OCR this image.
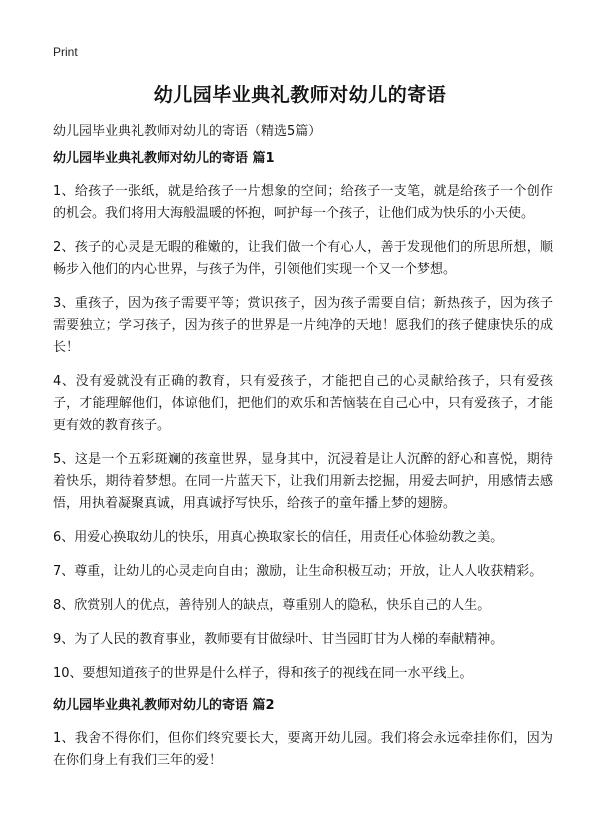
Print
幼儿园毕业典礼教师对幼儿的寄语

幼儿园毕业典礼教师对幼儿的寄语（精选5篇）

幼儿园毕业典礼教师对幼儿的寄语 篇1

1、给孩子一张纸，就是给孩子一片想象的空间；给孩子一支笔，就是给孩子一个创作的机会。我们将用大海般温暖的怀抱，呵护每一个孩子，让他们成为快乐的小天使。

2、孩子的心灵是无暇的稚嫩的，让我们做一个有心人，善于发现他们的所思所想，顺畅步入他们的内心世界，与孩子为伴，引领他们实现一个又一个梦想。

3、重孩子，因为孩子需要平等；赏识孩子，因为孩子需要自信；新热孩子，因为孩子需要独立；学习孩子，因为孩子的世界是一片纯净的天地！愿我们的孩子健康快乐的成长！

4、没有爱就没有正确的教育，只有爱孩子，才能把自己的心灵献给孩子，只有爱孩子，才能理解他们，体谅他们，把他们的欢乐和苦恼装在自己心中，只有爱孩子，才能更有效的教育孩子。

5、这是一个五彩斑斓的孩童世界，显身其中，沉浸着是让人沉醉的舒心和喜悦，期待着快乐，期待着梦想。在同一片蓝天下，让我们用新去挖掘，用爱去呵护，用感情去感悟，用执着凝聚真诚，用真诚抒写快乐，给孩子的童年播上梦的翅膀。

6、用爱心换取幼儿的快乐，用真心换取家长的信任，用责任心体验幼教之美。

7、尊重，让幼儿的心灵走向自由；激励，让生命积极互动；开放，让人人收获精彩。

8、欣赏别人的优点，善待别人的缺点，尊重别人的隐私，快乐自己的人生。

9、为了人民的教育事业，教师要有甘做绿叶、甘当园盯甘为人梯的奉献精神。

10、要想知道孩子的世界是什么样子，得和孩子的视线在同一水平线上。

幼儿园毕业典礼教师对幼儿的寄语 篇2

1、我舍不得你们，但你们终究要长大，要离开幼儿园。我们将会永远牵挂你们，因为在你们身上有我们三年的爱！
